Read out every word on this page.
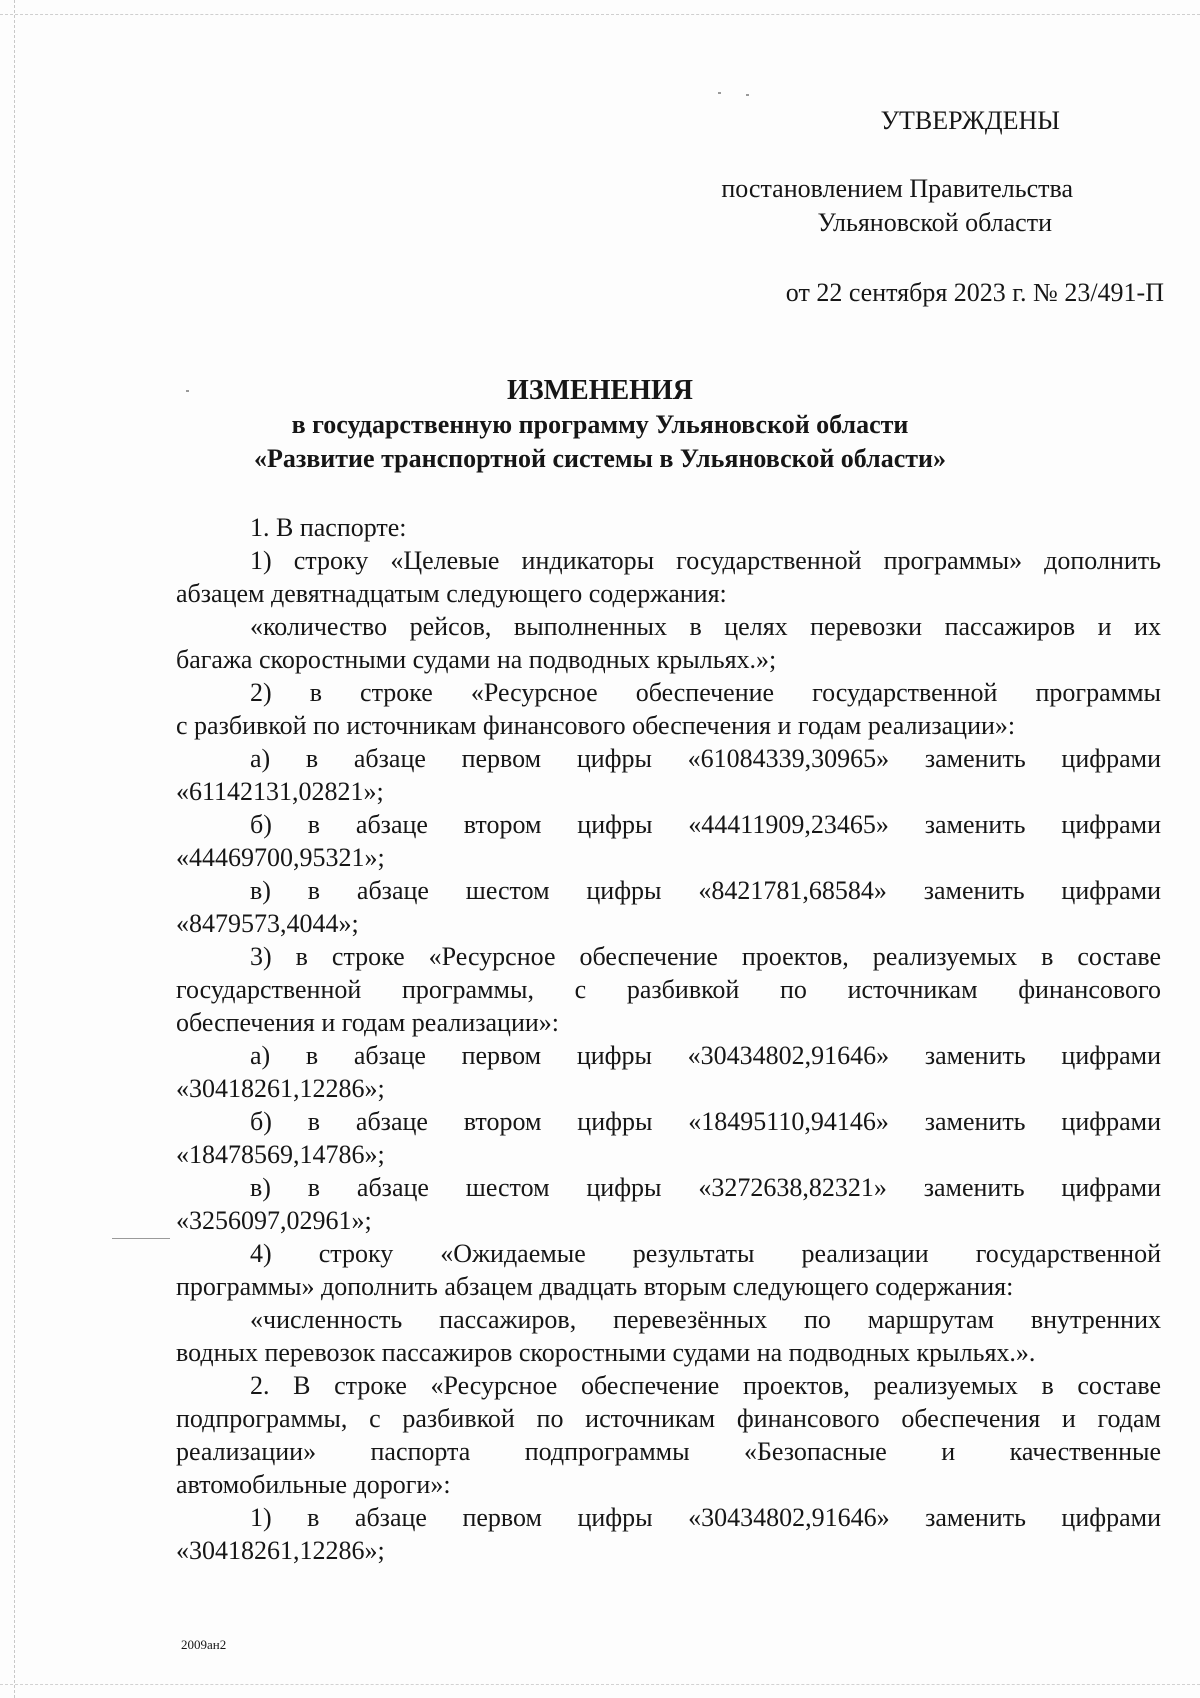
УТВЕРЖДЕНЫ
постановлением Правительства
Ульяновской области
от 22 сентября 2023 г. № 23/491-П
ИЗМЕНЕНИЯ
в государственную программу Ульяновской области
«Развитие транспортной системы в Ульяновской области»
1. В паспорте:
1) строку «Целевые индикаторы государственной программы» дополнить
абзацем девятнадцатым следующего содержания:
«количество рейсов, выполненных в целях перевозки пассажиров и их
багажа скоростными судами на подводных крыльях.»;
2) в строке «Ресурсное обеспечение государственной программы
с разбивкой по источникам финансового обеспечения и годам реализации»:
а) в абзаце первом цифры «61084339,30965» заменить цифрами
«61142131,02821»;
б) в абзаце втором цифры «44411909,23465» заменить цифрами
«44469700,95321»;
в) в абзаце шестом цифры «8421781,68584» заменить цифрами
«8479573,4044»;
3) в строке «Ресурсное обеспечение проектов, реализуемых в составе
государственной программы, с разбивкой по источникам финансового
обеспечения и годам реализации»:
а) в абзаце первом цифры «30434802,91646» заменить цифрами
«30418261,12286»;
б) в абзаце втором цифры «18495110,94146» заменить цифрами
«18478569,14786»;
в) в абзаце шестом цифры «3272638,82321» заменить цифрами
«3256097,02961»;
4) строку «Ожидаемые результаты реализации государственной
программы» дополнить абзацем двадцать вторым следующего содержания:
«численность пассажиров, перевезённых по маршрутам внутренних
водных перевозок пассажиров скоростными судами на подводных крыльях.».
2. В строке «Ресурсное обеспечение проектов, реализуемых в составе
подпрограммы, с разбивкой по источникам финансового обеспечения и годам
реализации» паспорта подпрограммы «Безопасные и качественные
автомобильные дороги»:
1) в абзаце первом цифры «30434802,91646» заменить цифрами
«30418261,12286»;
2009ан2
